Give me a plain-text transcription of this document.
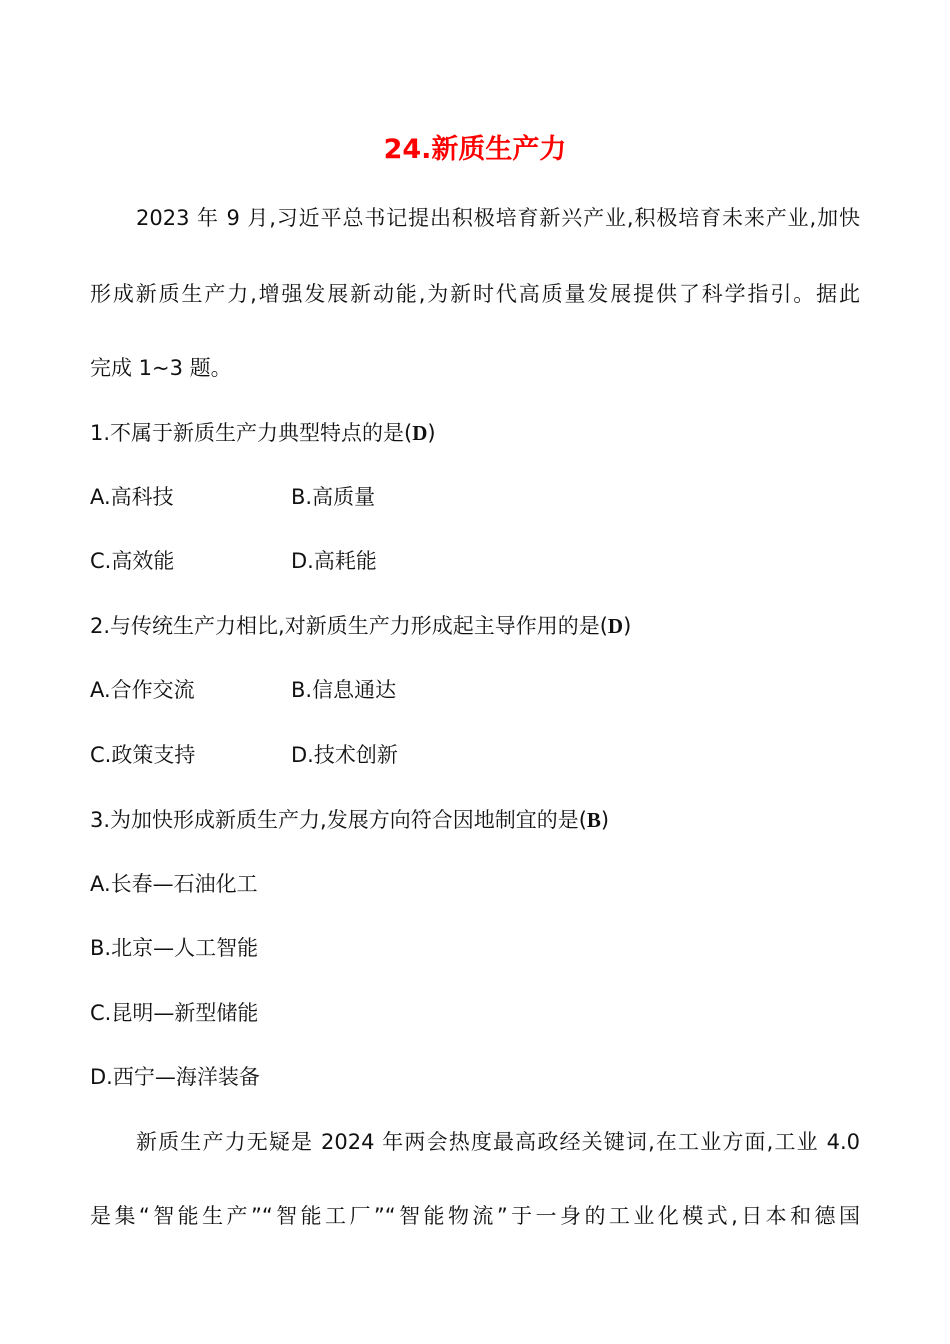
24.新质生产力
2023 年 9 月,习近平总书记提出积极培育新兴产业,积极培育未来产业,加快
形成新质生产力,增强发展新动能,为新时代高质量发展提供了科学指引。据此
完成 1~3 题。
1.不属于新质生产力典型特点的是(D)
A.高科技	B.高质量
C.高效能	D.高耗能
2.与传统生产力相比,对新质生产力形成起主导作用的是(D)
A.合作交流	B.信息通达
C.政策支持	D.技术创新
3.为加快形成新质生产力,发展方向符合因地制宜的是(B)
A.长春—石油化工
B.北京—人工智能
C.昆明—新型储能
D.西宁—海洋装备
新质生产力无疑是 2024 年两会热度最高政经关键词,在工业方面,工业 4.0
是集“智能生产”“智能工厂”“智能物流”于一身的工业化模式,日本和德国
